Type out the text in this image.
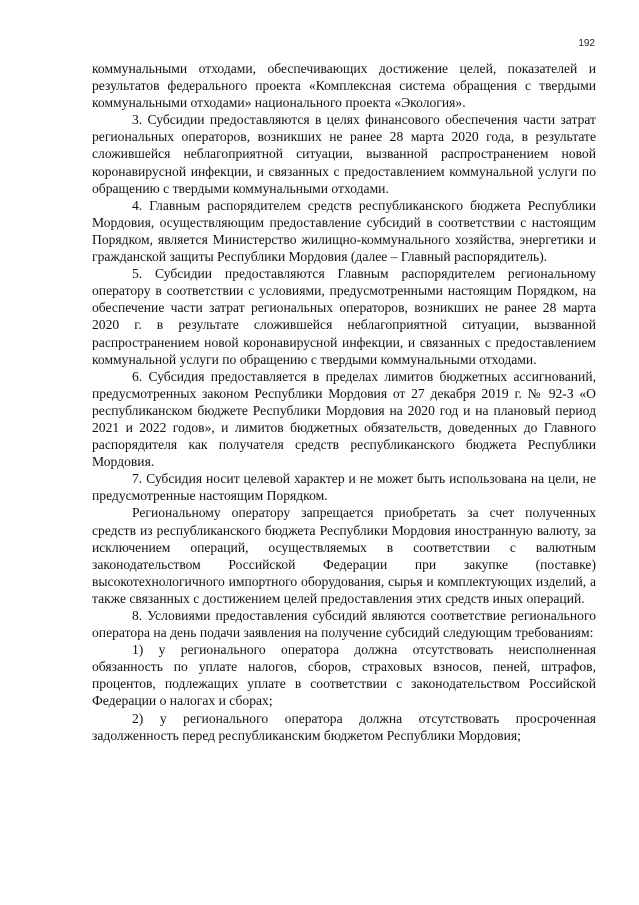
192

коммунальными отходами, обеспечивающих достижение целей, показателей и результатов федерального проекта «Комплексная система обращения с твердыми коммунальными отходами» национального проекта «Экология».

3. Субсидии предоставляются в целях финансового обеспечения части затрат региональных операторов, возникших не ранее 28 марта 2020 года, в результате сложившейся неблагоприятной ситуации, вызванной распространением новой коронавирусной инфекции, и связанных с предоставлением коммунальной услуги по обращению с твердыми коммунальными отходами.

4. Главным распорядителем средств республиканского бюджета Республики Мордовия, осуществляющим предоставление субсидий в соответствии с настоящим Порядком, является Министерство жилищно-коммунального хозяйства, энергетики и гражданской защиты Республики Мордовия (далее – Главный распорядитель).

5. Субсидии предоставляются Главным распорядителем региональному оператору в соответствии с условиями, предусмотренными настоящим Порядком, на обеспечение части затрат региональных операторов, возникших не ранее 28 марта 2020 г. в результате сложившейся неблагоприятной ситуации, вызванной распространением новой коронавирусной инфекции, и связанных с предоставлением коммунальной услуги по обращению с твердыми коммунальными отходами.

6. Субсидия предоставляется в пределах лимитов бюджетных ассигнований, предусмотренных законом Республики Мордовия от 27 декабря 2019 г. № 92-З «О республиканском бюджете Республики Мордовия на 2020 год и на плановый период 2021 и 2022 годов», и лимитов бюджетных обязательств, доведенных до Главного распорядителя как получателя средств республиканского бюджета Республики Мордовия.

7. Субсидия носит целевой характер и не может быть использована на цели, не предусмотренные настоящим Порядком.

Региональному оператору запрещается приобретать за счет полученных средств из республиканского бюджета Республики Мордовия иностранную валюту, за исключением операций, осуществляемых в соответствии с валютным законодательством Российской Федерации при закупке (поставке) высокотехнологичного импортного оборудования, сырья и комплектующих изделий, а также связанных с достижением целей предоставления этих средств иных операций.

8. Условиями предоставления субсидий являются соответствие регионального оператора на день подачи заявления на получение субсидий следующим требованиям:

1) у регионального оператора должна отсутствовать неисполненная обязанность по уплате налогов, сборов, страховых взносов, пеней, штрафов, процентов, подлежащих уплате в соответствии с законодательством Российской Федерации о налогах и сборах;

2) у регионального оператора должна отсутствовать просроченная задолженность перед республиканским бюджетом Республики Мордовия;
